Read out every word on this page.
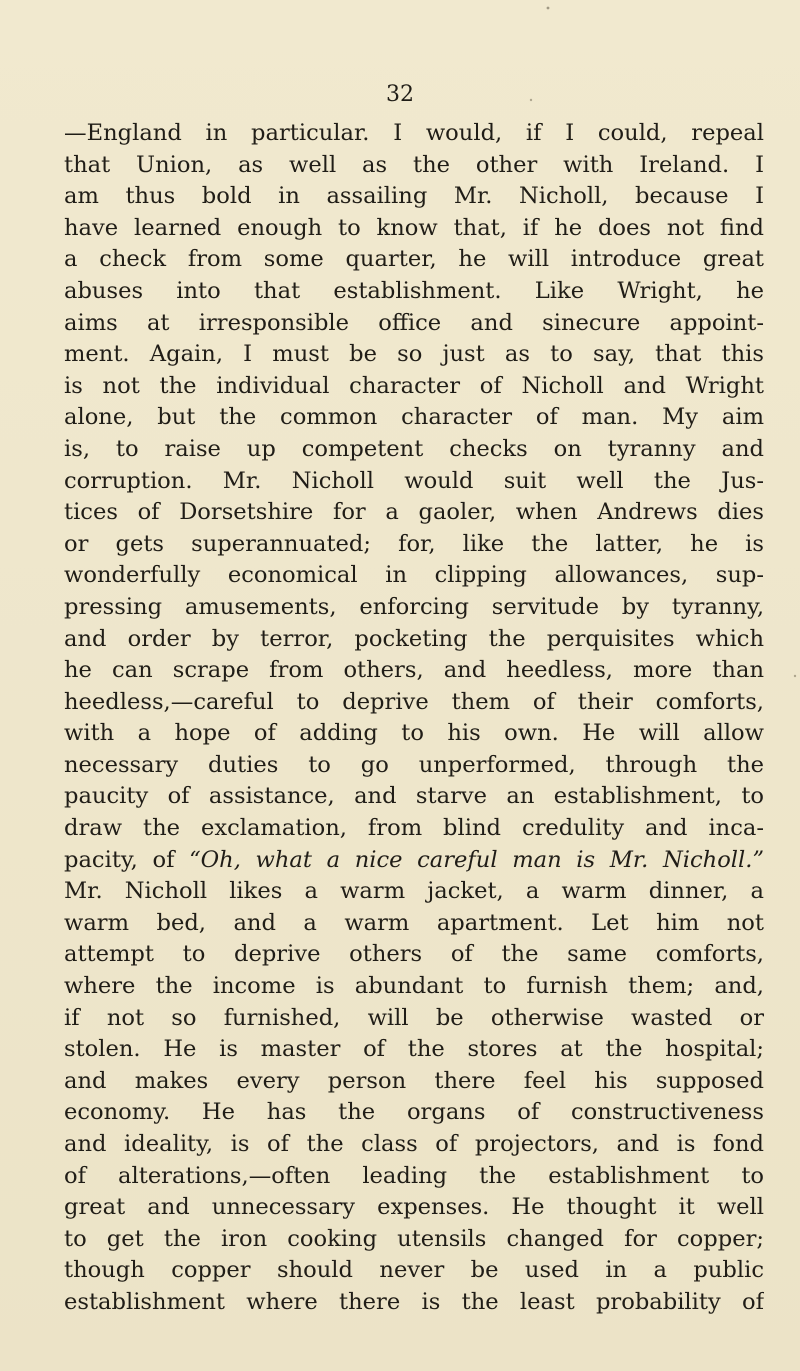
32
—England in particular. I would, if I could, repeal
that Union, as well as the other with Ireland. I
am thus bold in assailing Mr. Nicholl, because I
have learned enough to know that, if he does not find
a check from some quarter, he will introduce great
abuses into that establishment. Like Wright, he
aims at irresponsible office and sinecure appoint-
ment. Again, I must be so just as to say, that this
is not the individual character of Nicholl and Wright
alone, but the common character of man. My aim
is, to raise up competent checks on tyranny and
corruption. Mr. Nicholl would suit well the Jus-
tices of Dorsetshire for a gaoler, when Andrews dies
or gets superannuated; for, like the latter, he is
wonderfully economical in clipping allowances, sup-
pressing amusements, enforcing servitude by tyranny,
and order by terror, pocketing the perquisites which
he can scrape from others, and heedless, more than
heedless,—careful to deprive them of their comforts,
with a hope of adding to his own. He will allow
necessary duties to go unperformed, through the
paucity of assistance, and starve an establishment, to
draw the exclamation, from blind credulity and inca-
pacity, of “Oh, what a nice careful man is Mr. Nicholl.”
Mr. Nicholl likes a warm jacket, a warm dinner, a
warm bed, and a warm apartment. Let him not
attempt to deprive others of the same comforts,
where the income is abundant to furnish them; and,
if not so furnished, will be otherwise wasted or
stolen. He is master of the stores at the hospital;
and makes every person there feel his supposed
economy. He has the organs of constructiveness
and ideality, is of the class of projectors, and is fond
of alterations,—often leading the establishment to
great and unnecessary expenses. He thought it well
to get the iron cooking utensils changed for copper;
though copper should never be used in a public
establishment where there is the least probability of
